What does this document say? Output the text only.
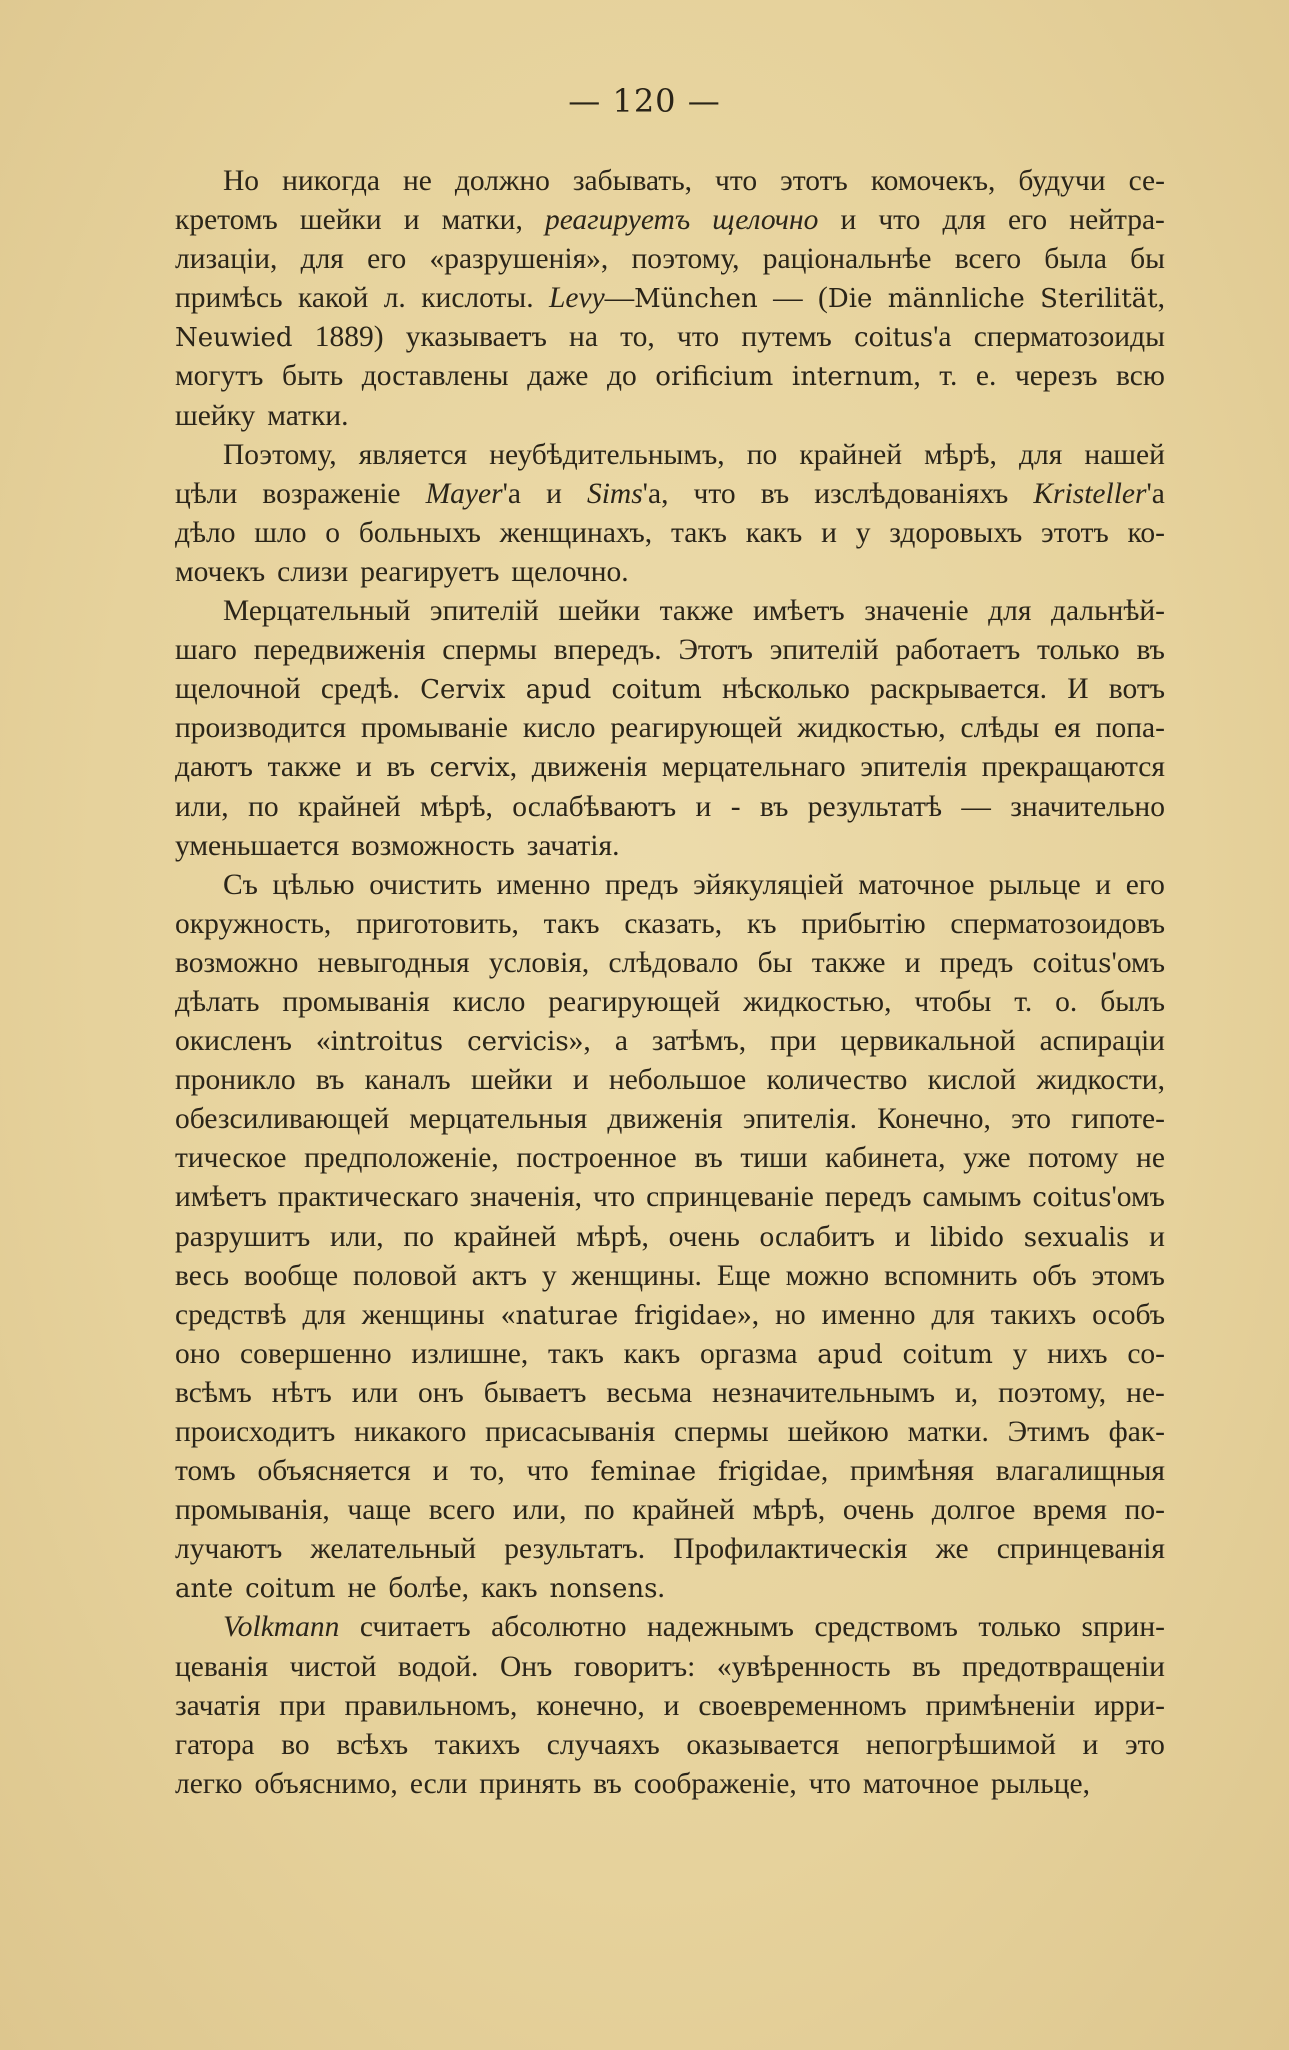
— 120 —
Но никогда не должно забывать, что этотъ комочекъ, будучи се-
кретомъ шейки и матки, реагируетъ щелочно и что для его нейтра-
лизаціи, для его «разрушенія», поэтому, раціональнѣе всего была бы
примѣсь какой л. кислоты. Levy—München — (Die männliche Sterilität,
Neuwied 1889) указываетъ на то, что путемъ coitus'а сперматозоиды
могутъ быть доставлены даже до orificium internum, т. е. черезъ всю
шейку матки.
Поэтому, является неубѣдительнымъ, по крайней мѣрѣ, для нашей
цѣли возраженіе Mayer'а и Sims'а, что въ изслѣдованіяхъ Kristeller'а
дѣло шло о больныхъ женщинахъ, такъ какъ и у здоровыхъ этотъ ко-
мочекъ слизи реагируетъ щелочно.
Мерцательный эпителій шейки также имѣетъ значеніе для дальнѣй-
шаго передвиженія спермы впередъ. Этотъ эпителій работаетъ только въ
щелочной средѣ. Cervix apud coitum нѣсколько раскрывается. И вотъ
производится промываніе кисло реагирующей жидкостью, слѣды ея попа-
даютъ также и въ cervix, движенія мерцательнаго эпителія прекращаются
или, по крайней мѣрѣ, ослабѣваютъ и - въ результатѣ — значительно
уменьшается возможность зачатія.
Съ цѣлью очистить именно предъ эйякуляціей маточное рыльце и его
окружность, приготовить, такъ сказать, къ прибытію сперматозоидовъ
возможно невыгодныя условія, слѣдовало бы также и предъ coitus'омъ
дѣлать промыванія кисло реагирующей жидкостью, чтобы т. о. былъ
окисленъ «introitus cervicis», а затѣмъ, при цервикальной аспираціи
проникло въ каналъ шейки и небольшое количество кислой жидкости,
обезсиливающей мерцательныя движенія эпителія. Конечно, это гипоте-
тическое предположеніе, построенное въ тиши кабинета, уже потому не
имѣетъ практическаго значенія, что спринцеваніе передъ самымъ coitus'омъ
разрушитъ или, по крайней мѣрѣ, очень ослабитъ и libido sexualis и
весь вообще половой актъ у женщины. Еще можно вспомнить объ этомъ
средствѣ для женщины «naturae frigidae», но именно для такихъ особъ
оно совершенно излишне, такъ какъ оргазма apud coitum у нихъ со-
всѣмъ нѣтъ или онъ бываетъ весьма незначительнымъ и, поэтому, не-
происходитъ никакого присасыванія спермы шейкою матки. Этимъ фак-
томъ объясняется и то, что feminae frigidae, примѣняя влагалищныя
промыванія, чаще всего или, по крайней мѣрѣ, очень долгое время по-
лучаютъ желательный результатъ. Профилактическія же спринцеванія
ante coitum не болѣе, какъ nonsens.
Volkmann считаетъ абсолютно надежнымъ средствомъ только sприн-
цеванія чистой водой. Онъ говоритъ: «увѣренность въ предотвращеніи
зачатія при правильномъ, конечно, и своевременномъ примѣненіи ирри-
гатора во всѣхъ такихъ случаяхъ оказывается непогрѣшимой и это
легко объяснимо, если принять въ соображеніе, что маточное рыльце,
